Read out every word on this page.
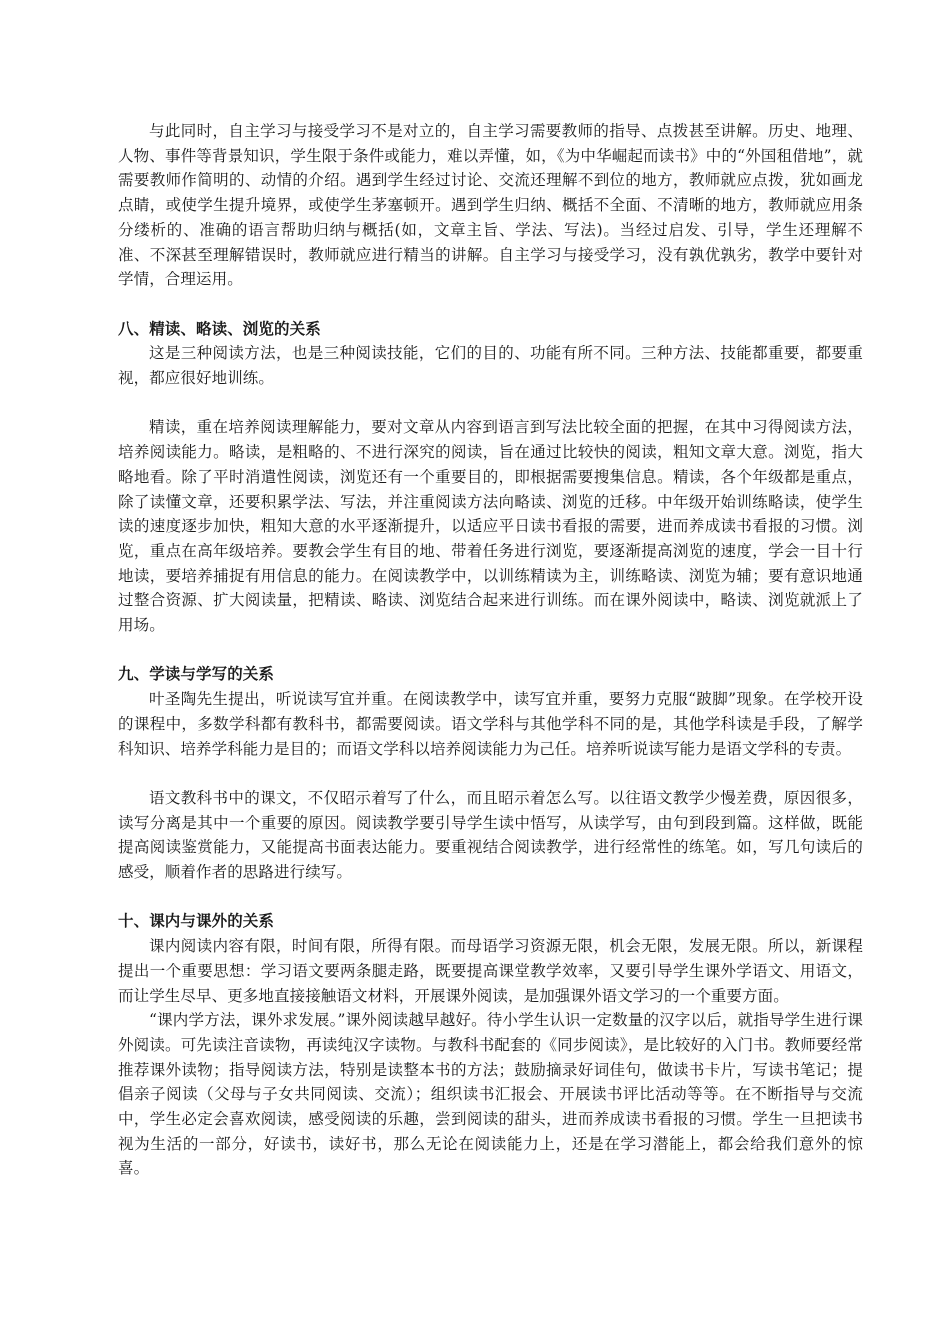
与此同时，自主学习与接受学习不是对立的，自主学习需要教师的指导、点拨甚至讲解。历史、地理、人物、事件等背景知识，学生限于条件或能力，难以弄懂，如，《为中华崛起而读书》中的“外国租借地”，就需要教师作简明的、动情的介绍。遇到学生经过讨论、交流还理解不到位的地方，教师就应点拨，犹如画龙点睛，或使学生提升境界，或使学生茅塞顿开。遇到学生归纳、概括不全面、不清晰的地方，教师就应用条分缕析的、准确的语言帮助归纳与概括(如，文章主旨、学法、写法)。当经过启发、引导，学生还理解不准、不深甚至理解错误时，教师就应进行精当的讲解。自主学习与接受学习，没有孰优孰劣，教学中要针对学情，合理运用。

八、精读、略读、浏览的关系

这是三种阅读方法，也是三种阅读技能，它们的目的、功能有所不同。三种方法、技能都重要，都要重视，都应很好地训练。

精读，重在培养阅读理解能力，要对文章从内容到语言到写法比较全面的把握，在其中习得阅读方法，培养阅读能力。略读，是粗略的、不进行深究的阅读，旨在通过比较快的阅读，粗知文章大意。浏览，指大略地看。除了平时消遣性阅读，浏览还有一个重要目的，即根据需要搜集信息。精读，各个年级都是重点，除了读懂文章，还要积累学法、写法，并注重阅读方法向略读、浏览的迁移。中年级开始训练略读，使学生读的速度逐步加快，粗知大意的水平逐渐提升，以适应平日读书看报的需要，进而养成读书看报的习惯。浏览，重点在高年级培养。要教会学生有目的地、带着任务进行浏览，要逐渐提高浏览的速度，学会一目十行地读，要培养捕捉有用信息的能力。在阅读教学中，以训练精读为主，训练略读、浏览为辅；要有意识地通过整合资源、扩大阅读量，把精读、略读、浏览结合起来进行训练。而在课外阅读中，略读、浏览就派上了用场。

九、学读与学写的关系

叶圣陶先生提出，听说读写宜并重。在阅读教学中，读写宜并重，要努力克服“跛脚”现象。在学校开设的课程中，多数学科都有教科书，都需要阅读。语文学科与其他学科不同的是，其他学科读是手段，了解学科知识、培养学科能力是目的；而语文学科以培养阅读能力为己任。培养听说读写能力是语文学科的专责。

语文教科书中的课文，不仅昭示着写了什么，而且昭示着怎么写。以往语文教学少慢差费，原因很多，读写分离是其中一个重要的原因。阅读教学要引导学生读中悟写，从读学写，由句到段到篇。这样做，既能提高阅读鉴赏能力，又能提高书面表达能力。要重视结合阅读教学，进行经常性的练笔。如，写几句读后的感受，顺着作者的思路进行续写。

十、课内与课外的关系

课内阅读内容有限，时间有限，所得有限。而母语学习资源无限，机会无限，发展无限。所以，新课程提出一个重要思想：学习语文要两条腿走路，既要提高课堂教学效率，又要引导学生课外学语文、用语文，而让学生尽早、更多地直接接触语文材料，开展课外阅读，是加强课外语文学习的一个重要方面。

“课内学方法，课外求发展。”课外阅读越早越好。待小学生认识一定数量的汉字以后，就指导学生进行课外阅读。可先读注音读物，再读纯汉字读物。与教科书配套的《同步阅读》，是比较好的入门书。教师要经常推荐课外读物；指导阅读方法，特别是读整本书的方法；鼓励摘录好词佳句，做读书卡片，写读书笔记；提倡亲子阅读（父母与子女共同阅读、交流）；组织读书汇报会、开展读书评比活动等等。在不断指导与交流中，学生必定会喜欢阅读，感受阅读的乐趣，尝到阅读的甜头，进而养成读书看报的习惯。学生一旦把读书视为生活的一部分，好读书，读好书，那么无论在阅读能力上，还是在学习潜能上，都会给我们意外的惊喜。
